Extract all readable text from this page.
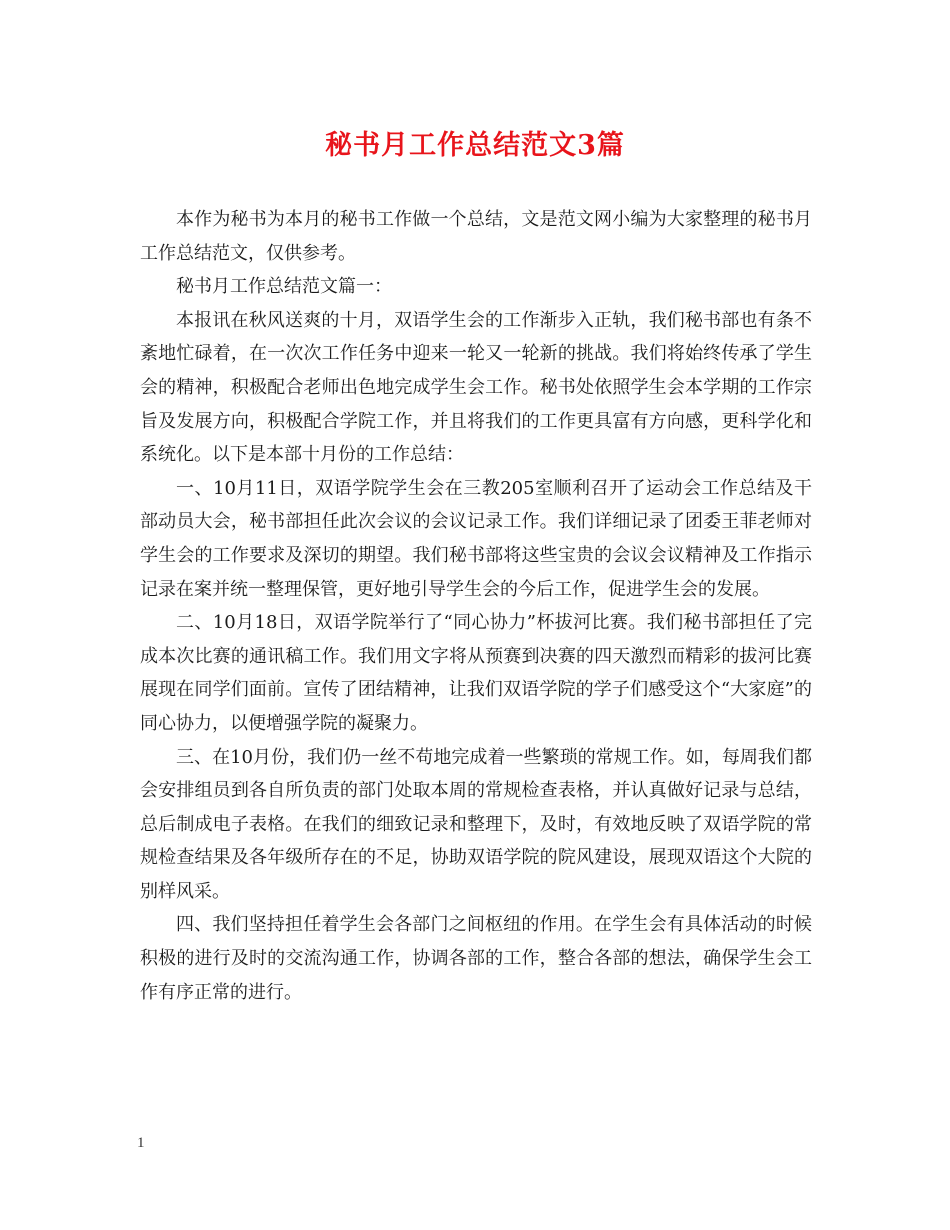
秘书月工作总结范文3篇

本作为秘书为本月的秘书工作做一个总结，文是范文网小编为大家整理的秘书月工作总结范文，仅供参考。

秘书月工作总结范文篇一：

本报讯在秋风送爽的十月，双语学生会的工作渐步入正轨，我们秘书部也有条不紊地忙碌着，在一次次工作任务中迎来一轮又一轮新的挑战。我们将始终传承了学生会的精神，积极配合老师出色地完成学生会工作。秘书处依照学生会本学期的工作宗旨及发展方向，积极配合学院工作，并且将我们的工作更具富有方向感，更科学化和系统化。以下是本部十月份的工作总结：

一、10月11日，双语学院学生会在三教205室顺利召开了运动会工作总结及干部动员大会，秘书部担任此次会议的会议记录工作。我们详细记录了团委王菲老师对学生会的工作要求及深切的期望。我们秘书部将这些宝贵的会议会议精神及工作指示记录在案并统一整理保管，更好地引导学生会的今后工作，促进学生会的发展。

二、10月18日，双语学院举行了“同心协力”杯拔河比赛。我们秘书部担任了完成本次比赛的通讯稿工作。我们用文字将从预赛到决赛的四天激烈而精彩的拔河比赛展现在同学们面前。宣传了团结精神，让我们双语学院的学子们感受这个“大家庭”的同心协力，以便增强学院的凝聚力。

三、在10月份，我们仍一丝不苟地完成着一些繁琐的常规工作。如，每周我们都会安排组员到各自所负责的部门处取本周的常规检查表格，并认真做好记录与总结，总后制成电子表格。在我们的细致记录和整理下，及时，有效地反映了双语学院的常规检查结果及各年级所存在的不足，协助双语学院的院风建设，展现双语这个大院的别样风采。

四、我们坚持担任着学生会各部门之间枢纽的作用。在学生会有具体活动的时候积极的进行及时的交流沟通工作，协调各部的工作，整合各部的想法，确保学生会工作有序正常的进行。

1
